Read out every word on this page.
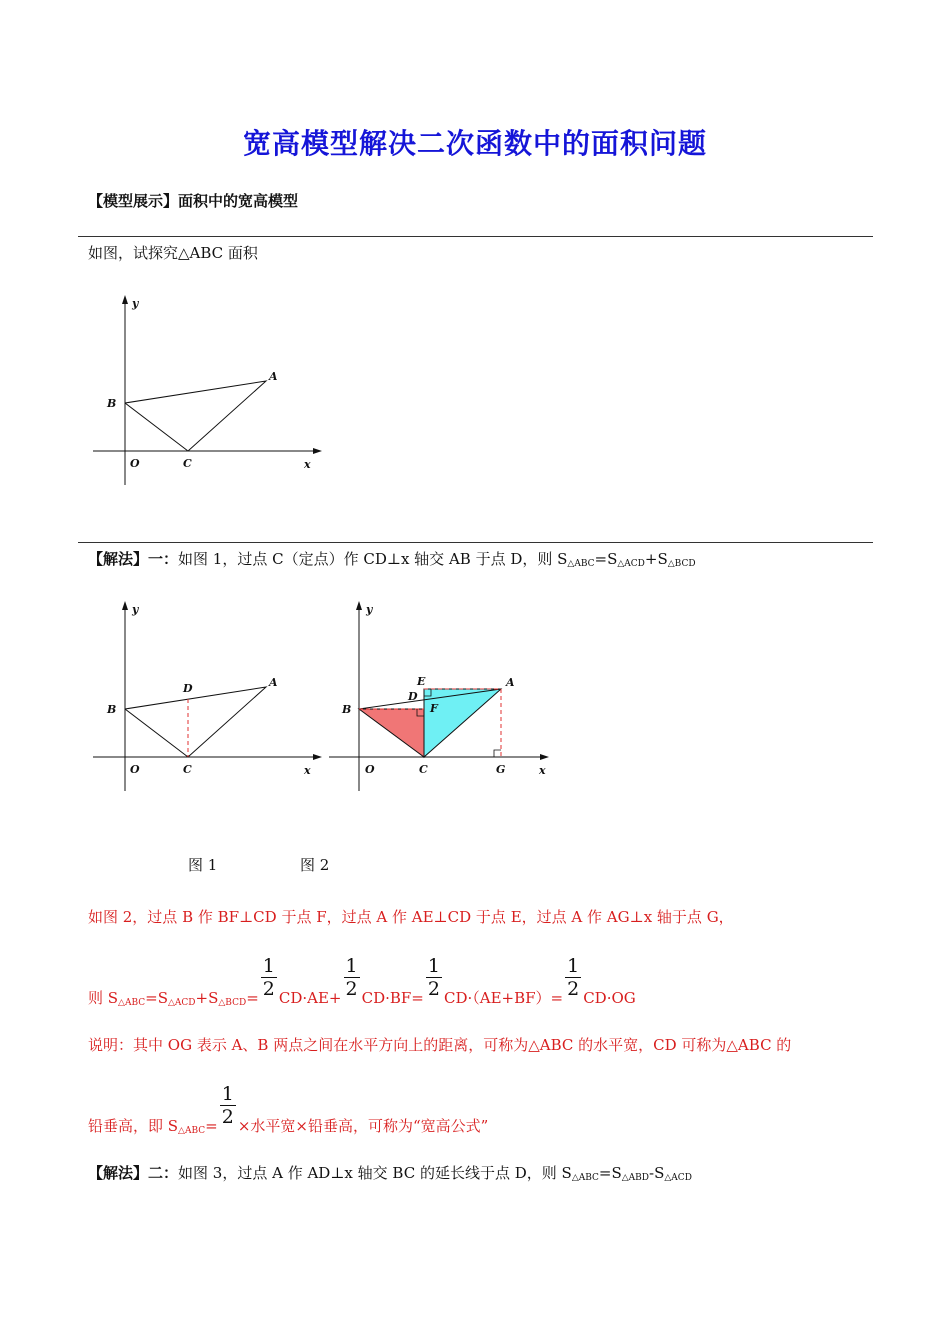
宽高模型解决二次函数中的面积问题
【模型展示】面积中的宽高模型
如图，试探究△ABC 面积
y
x
O
A
B
C
【解法】一：如图 1，过点 C（定点）作 CD⊥x 轴交 AB 于点 D，则 $S_{\triangle ABC}=S_{\triangle ACD}+S_{\triangle BCD}$
y
x
O
A
B
C
D
y
x
O
A
B
C
D
E
F
G
图 1	图 2
如图 2，过点 B 作 BF⊥CD 于点 F，过点 A 作 AE⊥CD 于点 E，过点 A 作 AG⊥x 轴于点 G，
则 $S_{\triangle ABC}=S_{\triangle ACD}+S_{\triangle BCD}= \frac{1}{2} CD\cdot AE+ \frac{1}{2} CD\cdot BF= \frac{1}{2} CD\cdot(AE+BF)= \frac{1}{2} CD\cdot OG$
说明：其中 OG 表示 A、B 两点之间在水平方向上的距离，可称为△ABC 的水平宽，CD 可称为△ABC 的
铅垂高，即 $S_{\triangle ABC}= \frac{1}{2}$ ×水平宽×铅垂高，可称为“宽高公式”
【解法】二：如图 3，过点 A 作 AD⊥x 轴交 BC 的延长线于点 D，则 $S_{\triangle ABC}=S_{\triangle ABD}-S_{\triangle ACD}$
